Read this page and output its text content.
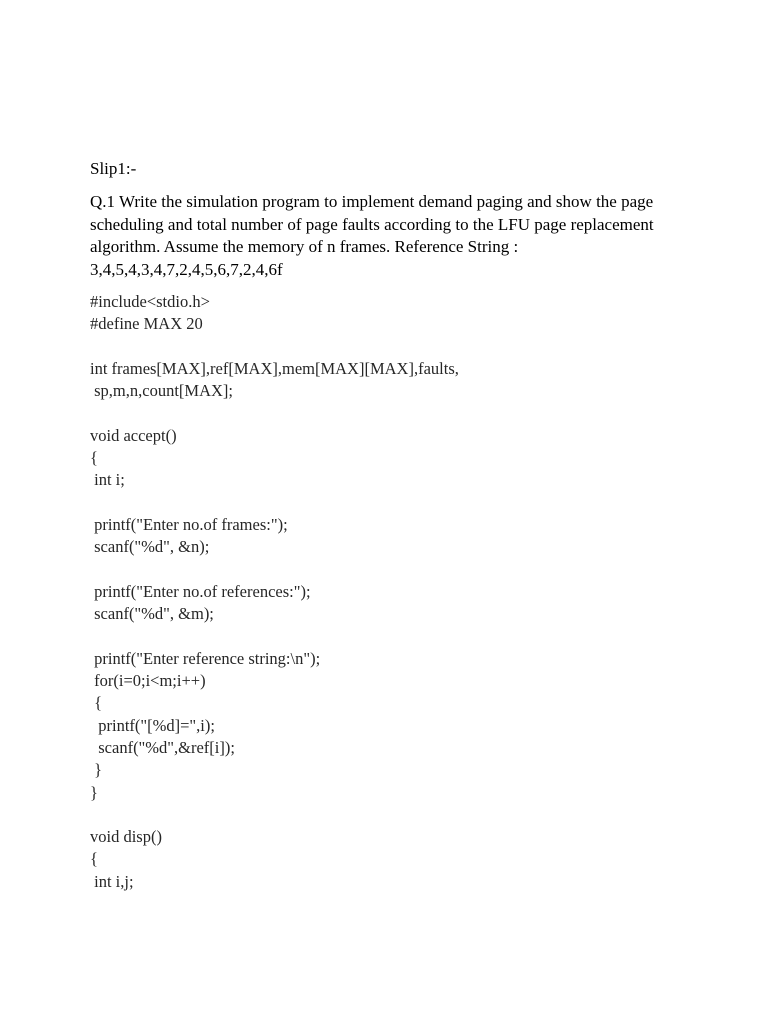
Slip1:-
Q.1 Write the simulation program to implement demand paging and show the page
scheduling and total number of page faults according to the LFU page replacement
algorithm. Assume the memory of n frames. Reference String :
3,4,5,4,3,4,7,2,4,5,6,7,2,4,6f
#include<stdio.h>
#define MAX 20
int frames[MAX],ref[MAX],mem[MAX][MAX],faults,
sp,m,n,count[MAX];
void accept()
{
int i;
printf("Enter no.of frames:");
scanf("%d", &n);
printf("Enter no.of references:");
scanf("%d", &m);
printf("Enter reference string:\n");
for(i=0;i<m;i++)
{
printf("[%d]=",i);
scanf("%d",&ref[i]);
}
}
void disp()
{
int i,j;
